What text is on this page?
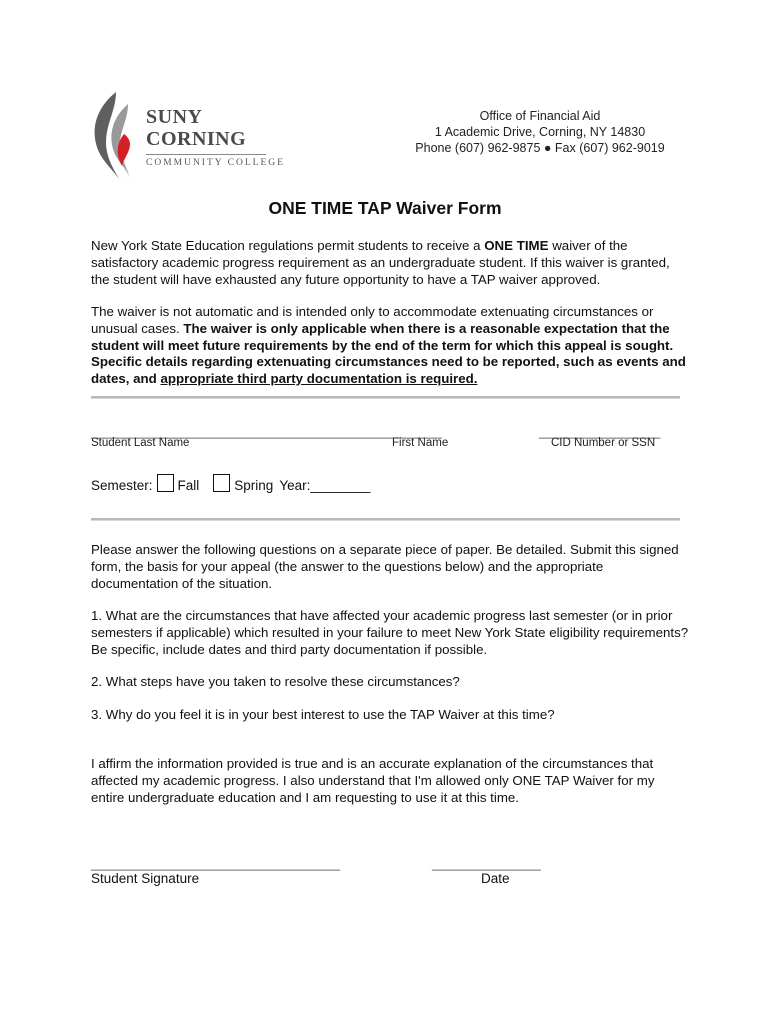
SUNY
CORNING
COMMUNITY COLLEGE
Office of Financial Aid
1 Academic Drive, Corning, NY 14830
Phone (607) 962-9875 ● Fax (607) 962-9019
ONE TIME TAP Waiver Form
New York State Education regulations permit students to receive a ONE TIME waiver of the satisfactory academic progress requirement as an undergraduate student. If this waiver is granted, the student will have exhausted any future opportunity to have a TAP waiver approved.
The waiver is not automatic and is intended only to accommodate extenuating circumstances or unusual cases. The waiver is only applicable when there is a reasonable expectation that the student will meet future requirements by the end of the term for which this appeal is sought. Specific details regarding extenuating circumstances need to be reported, such as events and dates, and appropriate third party documentation is required.
_______________________________________________________	___________________
Student Last Name	First Name	CID Number or SSN
Semester: Fall	Spring Year:________
Please answer the following questions on a separate piece of paper. Be detailed. Submit this signed form, the basis for your appeal (the answer to the questions below) and the appropriate documentation of the situation.
1. What are the circumstances that have affected your academic progress last semester (or in prior semesters if applicable) which resulted in your failure to meet New York State eligibility requirements? Be specific, include dates and third party documentation if possible.
2. What steps have you taken to resolve these circumstances?
3. Why do you feel it is in your best interest to use the TAP Waiver at this time?
I affirm the information provided is true and is an accurate explanation of the circumstances that affected my academic progress. I also understand that I'm allowed only ONE TAP Waiver for my entire undergraduate education and I am requesting to use it at this time.
_______________________________________	_________________
Student Signature	Date
